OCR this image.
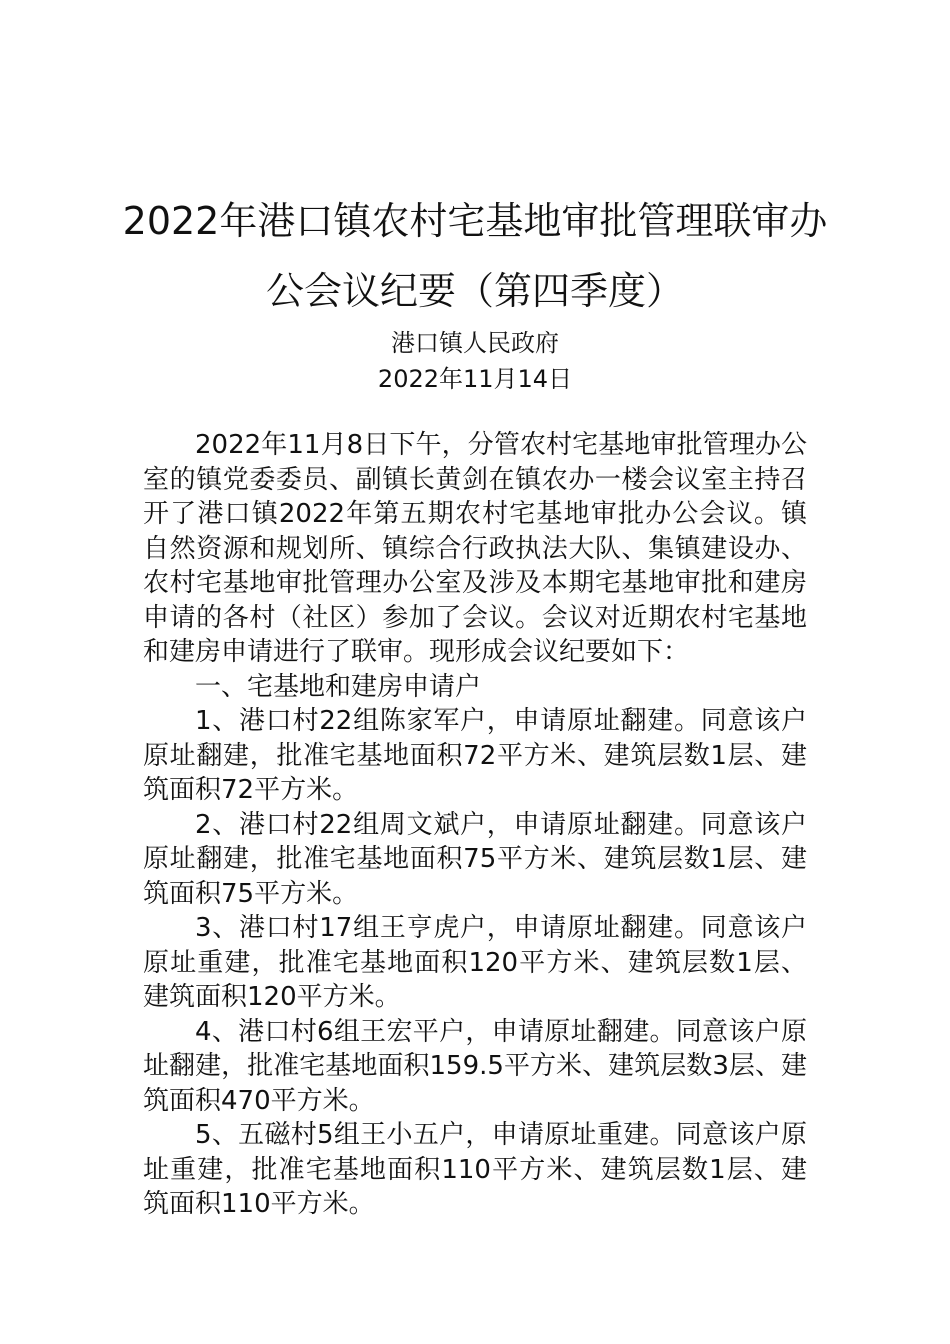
2022年港口镇农村宅基地审批管理联审办
公会议纪要（第四季度）
港口镇人民政府
2022年11月14日

2022年11月8日下午，分管农村宅基地审批管理办公室的镇党委委员、副镇长黄剑在镇农办一楼会议室主持召开了港口镇2022年第五期农村宅基地审批办公会议。镇自然资源和规划所、镇综合行政执法大队、集镇建设办、农村宅基地审批管理办公室及涉及本期宅基地审批和建房申请的各村（社区）参加了会议。会议对近期农村宅基地和建房申请进行了联审。现形成会议纪要如下：

一、宅基地和建房申请户

1、港口村22组陈家军户，申请原址翻建。同意该户原址翻建，批准宅基地面积72平方米、建筑层数1层、建筑面积72平方米。

2、港口村22组周文斌户，申请原址翻建。同意该户原址翻建，批准宅基地面积75平方米、建筑层数1层、建筑面积75平方米。

3、港口村17组王亨虎户，申请原址翻建。同意该户原址重建，批准宅基地面积120平方米、建筑层数1层、建筑面积120平方米。

4、港口村6组王宏平户，申请原址翻建。同意该户原址翻建，批准宅基地面积159.5平方米、建筑层数3层、建筑面积470平方米。

5、五磁村5组王小五户，申请原址重建。同意该户原址重建，批准宅基地面积110平方米、建筑层数1层、建筑面积110平方米。
